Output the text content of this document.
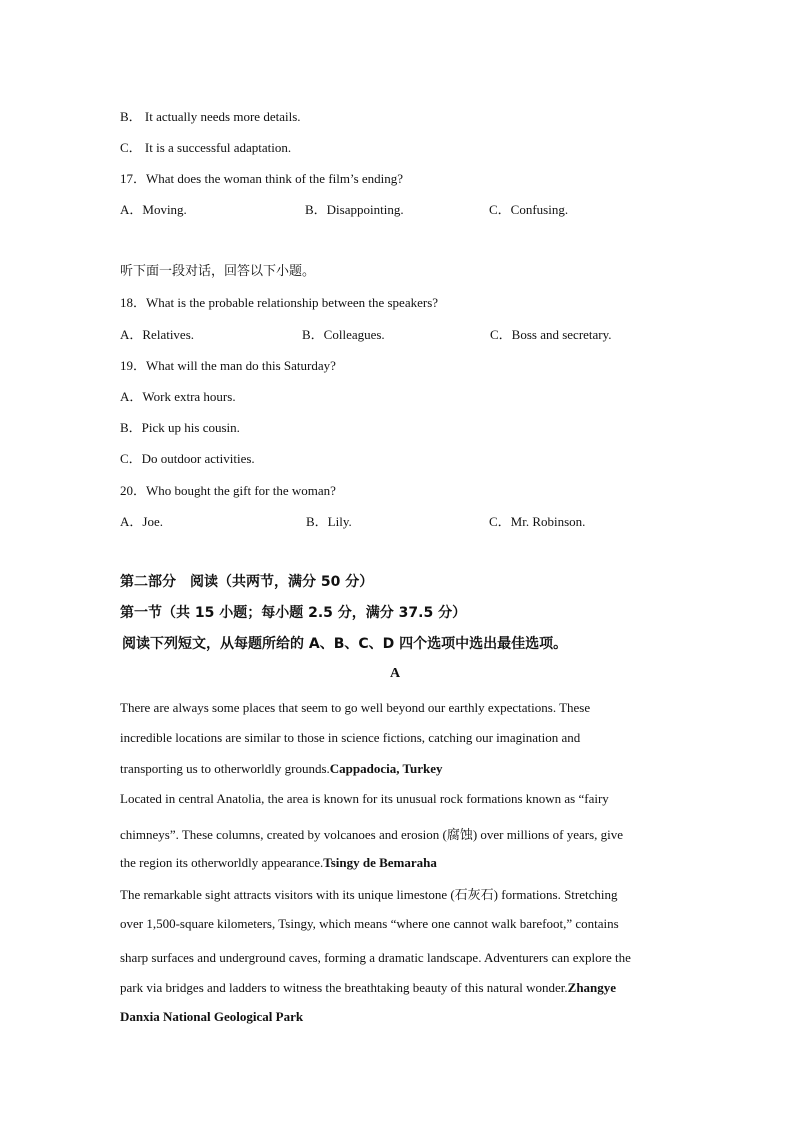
B． It actually needs more details.
C． It is a successful adaptation.
17．What does the woman think of the film’s ending?
A．Moving.	B．Disappointing.	C．Confusing.
听下面一段对话，回答以下小题。
18．What is the probable relationship between the speakers?
A．Relatives.	B．Colleagues.	C．Boss and secretary.
19．What will the man do this Saturday?
A．Work extra hours.
B．Pick up his cousin.
C．Do outdoor activities.
20．Who bought the gift for the woman?
A．Joe.	B．Lily.	C．Mr. Robinson.
第二部分　阅读（共两节，满分 50 分）
第一节（共 15 小题；每小题 2.5 分，满分 37.5 分）
阅读下列短文，从每题所给的 A、B、C、D 四个选项中选出最佳选项。
A
There are always some places that seem to go well beyond our earthly expectations. These
incredible locations are similar to those in science fictions, catching our imagination and
transporting us to otherworldly grounds.Cappadocia, Turkey
Located in central Anatolia, the area is known for its unusual rock formations known as “fairy
chimneys”. These columns, created by volcanoes and erosion (腐蚀) over millions of years, give
the region its otherworldly appearance.Tsingy de Bemaraha
The remarkable sight attracts visitors with its unique limestone (石灰石) formations. Stretching
over 1,500-square kilometers, Tsingy, which means “where one cannot walk barefoot,” contains
sharp surfaces and underground caves, forming a dramatic landscape. Adventurers can explore the
park via bridges and ladders to witness the breathtaking beauty of this natural wonder.Zhangye
Danxia National Geological Park
